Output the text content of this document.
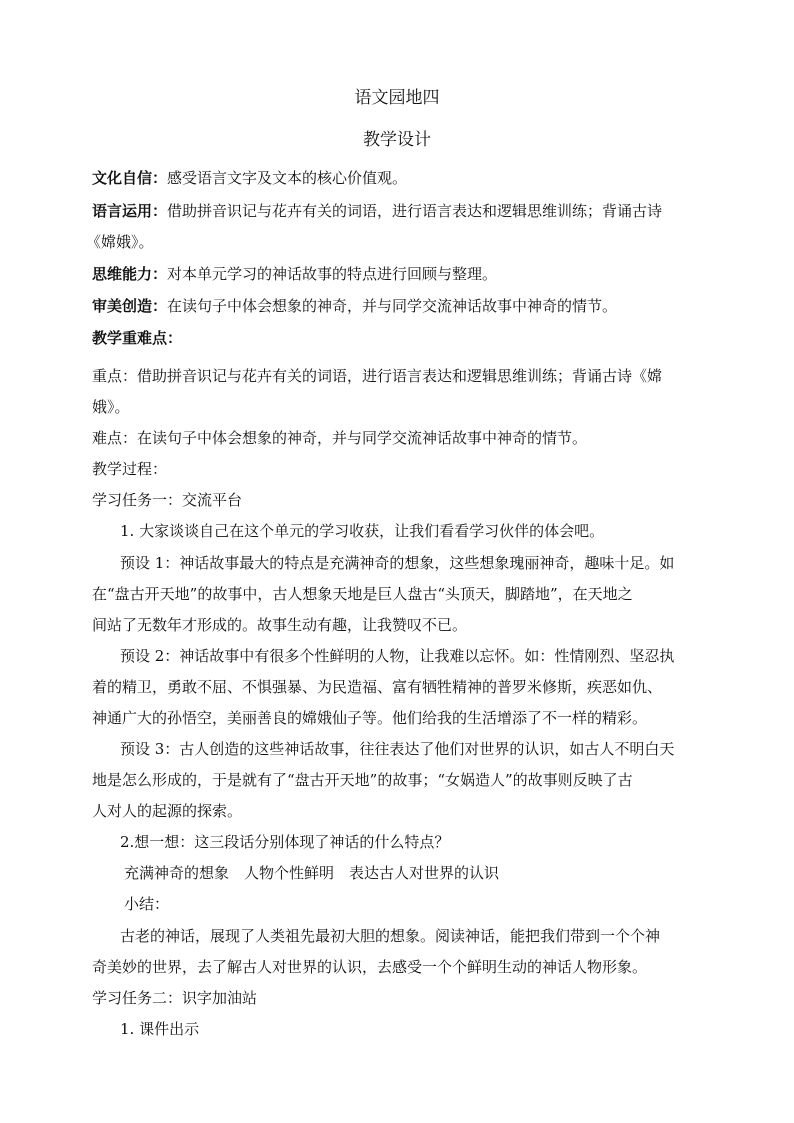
语文园地四
教学设计
文化自信：感受语言文字及文本的核心价值观。
语言运用：借助拼音识记与花卉有关的词语，进行语言表达和逻辑思维训练；背诵古诗
《嫦娥》。
思维能力：对本单元学习的神话故事的特点进行回顾与整理。
审美创造：在读句子中体会想象的神奇，并与同学交流神话故事中神奇的情节。
教学重难点：
重点：借助拼音识记与花卉有关的词语，进行语言表达和逻辑思维训练；背诵古诗《嫦
娥》。
难点：在读句子中体会想象的神奇，并与同学交流神话故事中神奇的情节。
教学过程：
学习任务一：交流平台
1. 大家谈谈自己在这个单元的学习收获，让我们看看学习伙伴的体会吧。
预设 1：神话故事最大的特点是充满神奇的想象，这些想象瑰丽神奇，趣味十足。如
在“盘古开天地”的故事中，古人想象天地是巨人盘古“头顶天，脚踏地”，在天地之
间站了无数年才形成的。故事生动有趣，让我赞叹不已。
预设 2：神话故事中有很多个性鲜明的人物，让我难以忘怀。如：性情刚烈、坚忍执
着的精卫，勇敢不屈、不惧强暴、为民造福、富有牺牲精神的普罗米修斯，疾恶如仇、
神通广大的孙悟空，美丽善良的嫦娥仙子等。他们给我的生活增添了不一样的精彩。
预设 3：古人创造的这些神话故事，往往表达了他们对世界的认识，如古人不明白天
地是怎么形成的，于是就有了“盘古开天地”的故事；“女娲造人”的故事则反映了古
人对人的起源的探索。
2.想一想：这三段话分别体现了神话的什么特点？
充满神奇的想象　人物个性鲜明　表达古人对世界的认识
小结：
古老的神话，展现了人类祖先最初大胆的想象。阅读神话，能把我们带到一个个神
奇美妙的世界，去了解古人对世界的认识，去感受一个个鲜明生动的神话人物形象。
学习任务二：识字加油站
1. 课件出示
